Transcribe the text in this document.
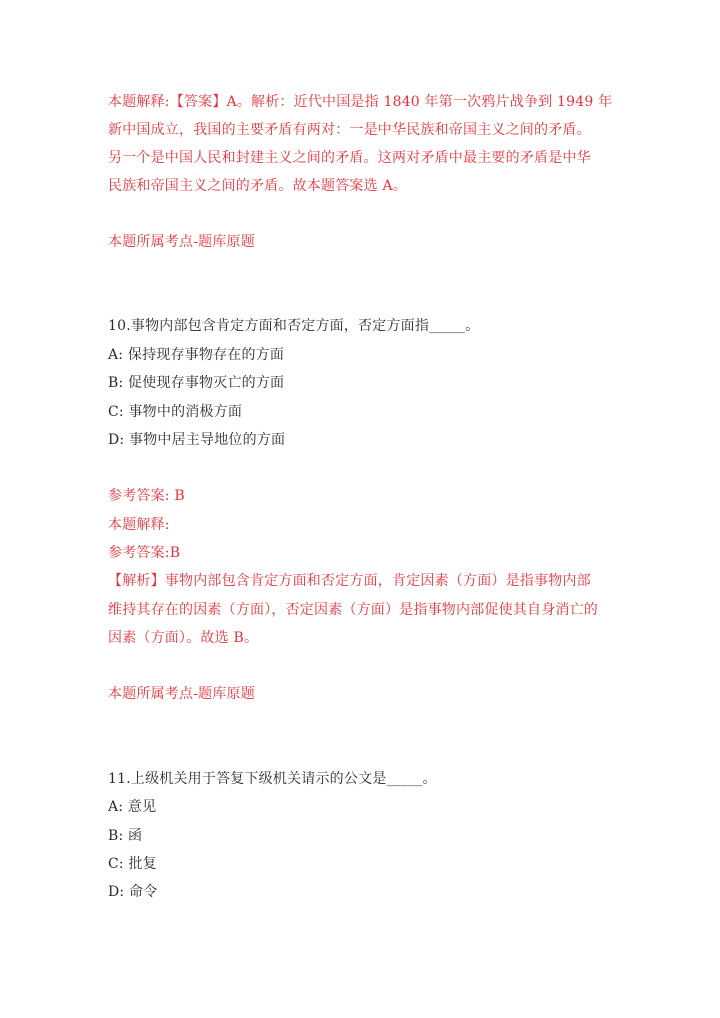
本题解释:【答案】A。解析：近代中国是指 1840 年第一次鸦片战争到 1949 年
新中国成立，我国的主要矛盾有两对：一是中华民族和帝国主义之间的矛盾。
另一个是中国人民和封建主义之间的矛盾。这两对矛盾中最主要的矛盾是中华
民族和帝国主义之间的矛盾。故本题答案选 A。
本题所属考点-题库原题
10.事物内部包含肯定方面和否定方面，否定方面指_____。
A: 保持现存事物存在的方面
B: 促使现存事物灭亡的方面
C: 事物中的消极方面
D: 事物中居主导地位的方面
参考答案: B
本题解释:
参考答案:B
【解析】事物内部包含肯定方面和否定方面，肯定因素（方面）是指事物内部
维持其存在的因素（方面），否定因素（方面）是指事物内部促使其自身消亡的
因素（方面）。故选 B。
本题所属考点-题库原题
11.上级机关用于答复下级机关请示的公文是_____。
A: 意见
B: 函
C: 批复
D: 命令
